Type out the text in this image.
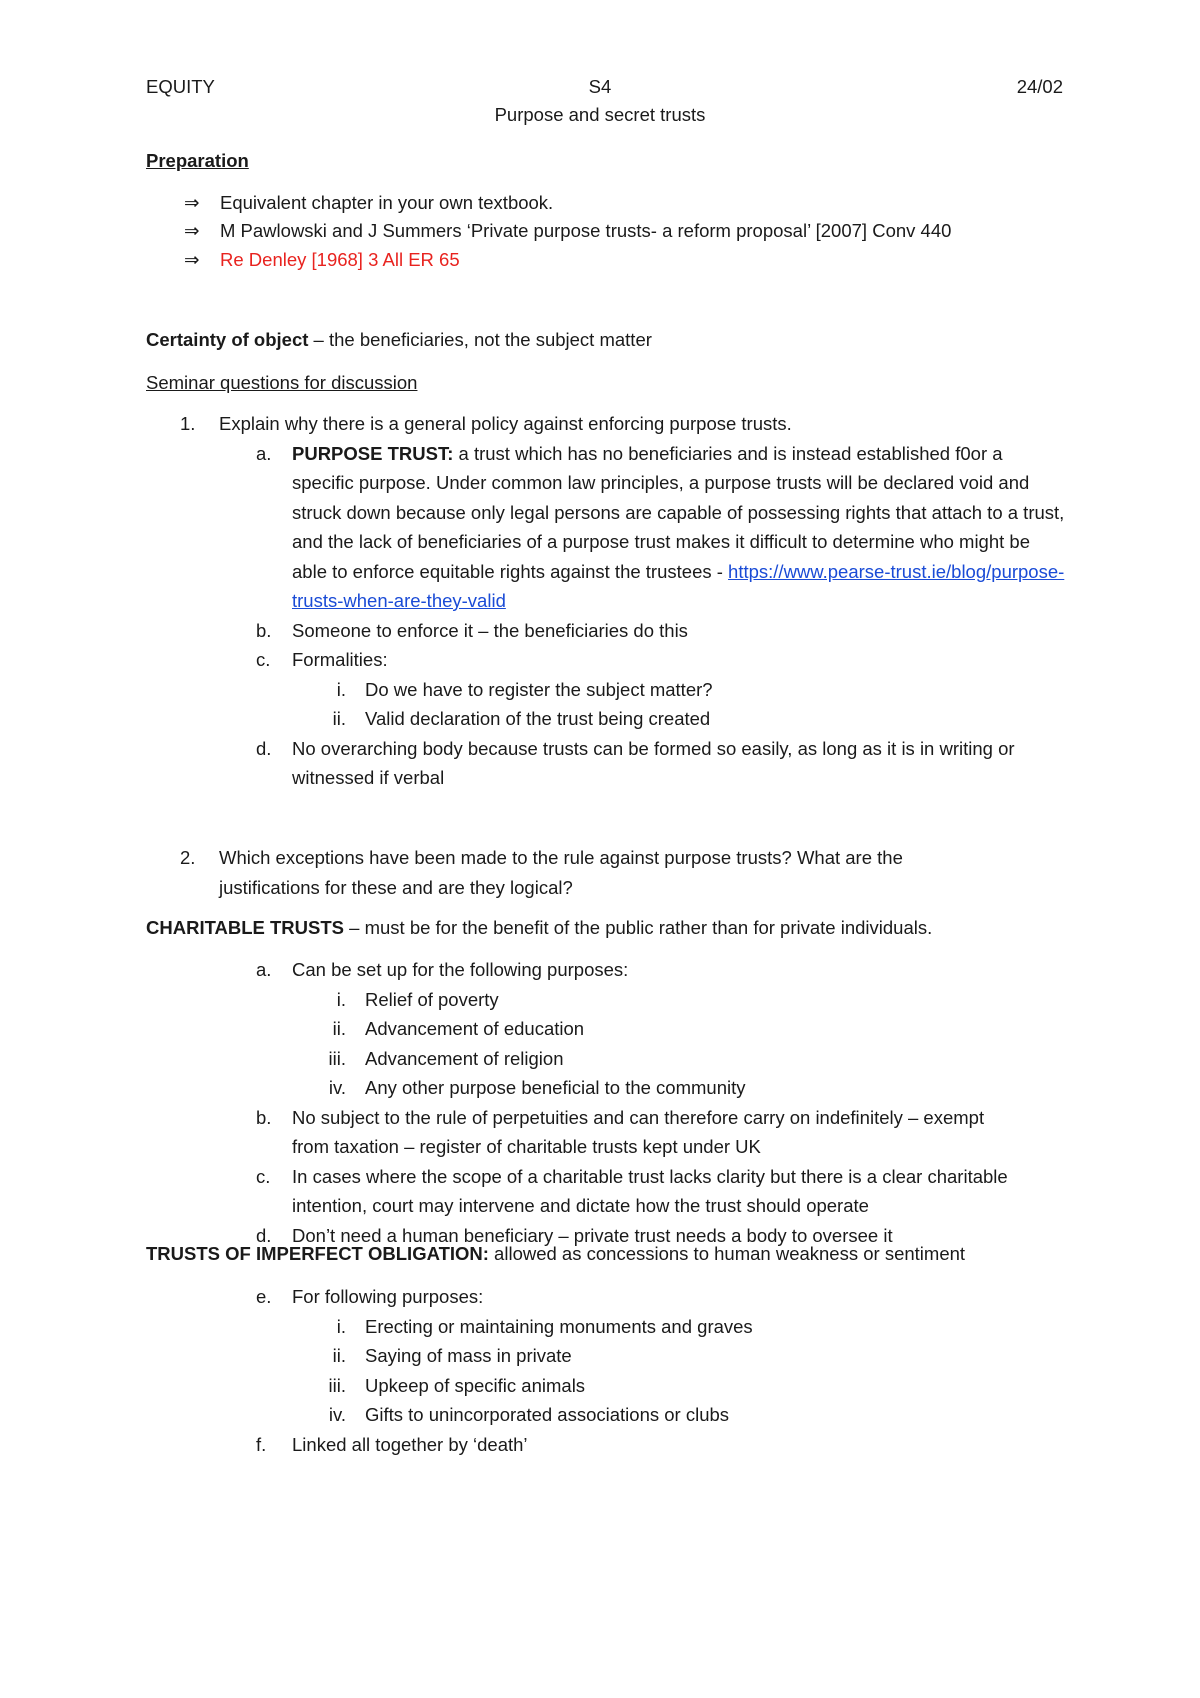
S4
EQUITY	24/02
Purpose and secret trusts
Preparation
⇒ Equivalent chapter in your own textbook.
⇒ M Pawlowski and J Summers ‘Private purpose trusts- a reform proposal’ [2007] Conv 440
⇒ Re Denley [1968] 3 All ER 65
Certainty of object – the beneficiaries, not the subject matter
Seminar questions for discussion
1. Explain why there is a general policy against enforcing purpose trusts.
a. PURPOSE TRUST: a trust which has no beneficiaries and is instead established f0or a specific purpose. Under common law principles, a purpose trusts will be declared void and struck down because only legal persons are capable of possessing rights that attach to a trust, and the lack of beneficiaries of a purpose trust makes it difficult to determine who might be able to enforce equitable rights against the trustees - https://www.pearse-trust.ie/blog/purpose-trusts-when-are-they-valid
b. Someone to enforce it – the beneficiaries do this
c. Formalities:
i. Do we have to register the subject matter?
ii. Valid declaration of the trust being created
d. No overarching body because trusts can be formed so easily, as long as it is in writing or witnessed if verbal
2. Which exceptions have been made to the rule against purpose trusts? What are the justifications for these and are they logical?
CHARITABLE TRUSTS – must be for the benefit of the public rather than for private individuals.
a. Can be set up for the following purposes:
i. Relief of poverty
ii. Advancement of education
iii. Advancement of religion
iv. Any other purpose beneficial to the community
b. No subject to the rule of perpetuities and can therefore carry on indefinitely – exempt from taxation – register of charitable trusts kept under UK
c. In cases where the scope of a charitable trust lacks clarity but there is a clear charitable intention, court may intervene and dictate how the trust should operate
d. Don’t need a human beneficiary – private trust needs a body to oversee it
TRUSTS OF IMPERFECT OBLIGATION: allowed as concessions to human weakness or sentiment
e. For following purposes:
i. Erecting or maintaining monuments and graves
ii. Saying of mass in private
iii. Upkeep of specific animals
iv. Gifts to unincorporated associations or clubs
f. Linked all together by ‘death’
